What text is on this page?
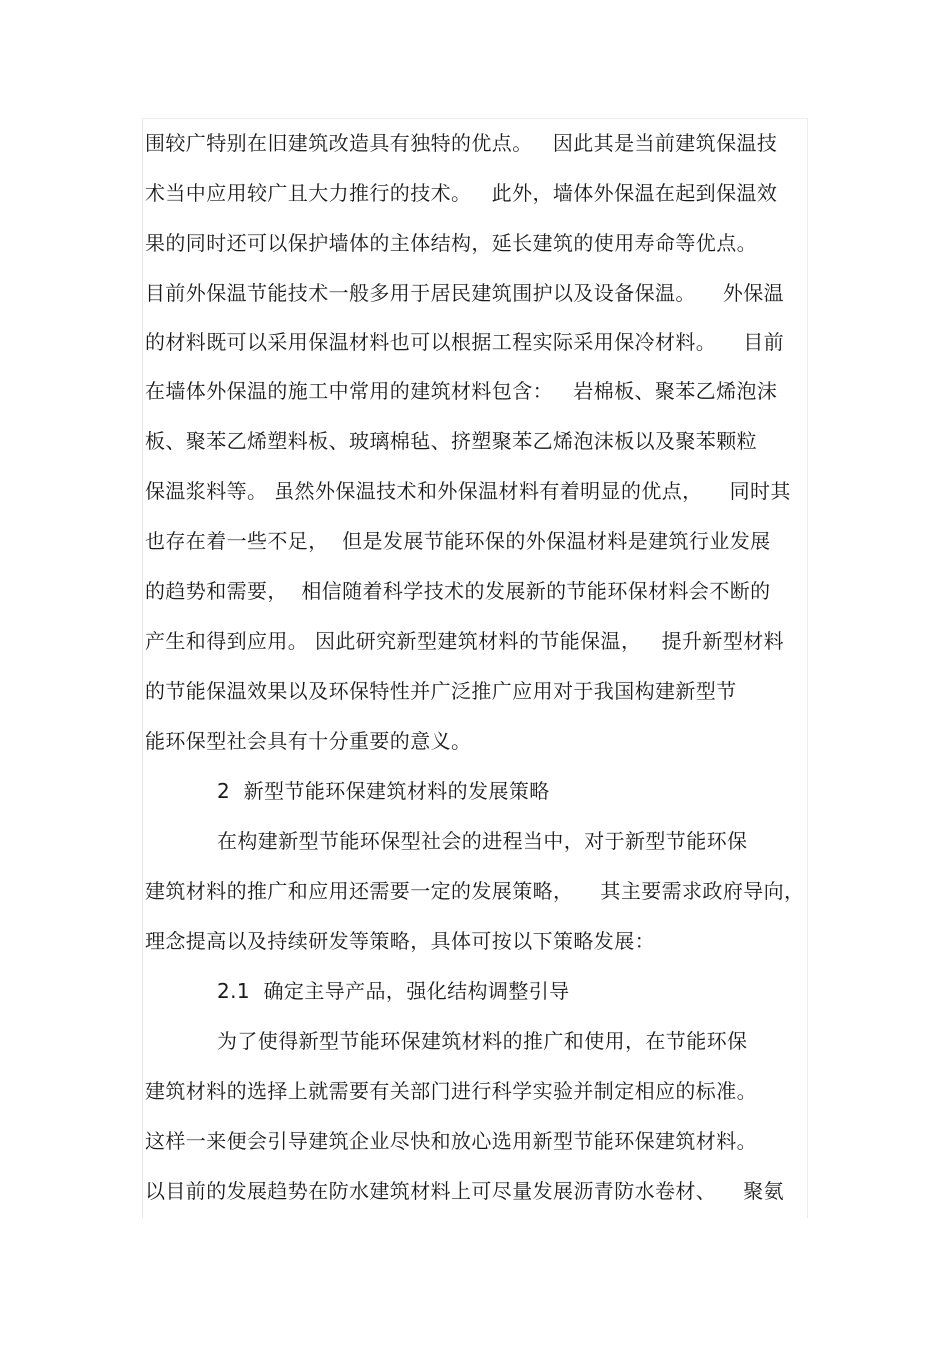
围较广特别在旧建筑改造具有独特的优点。   因此其是当前建筑保温技
术当中应用较广且大力推行的技术。   此外，墙体外保温在起到保温效
果的同时还可以保护墙体的主体结构，延长建筑的使用寿命等优点。
目前外保温节能技术一般多用于居民建筑围护以及设备保温。    外保温
的材料既可以采用保温材料也可以根据工程实际采用保冷材料。    目前
在墙体外保温的施工中常用的建筑材料包含：   岩棉板、聚苯乙烯泡沫
板、聚苯乙烯塑料板、玻璃棉毡、挤塑聚苯乙烯泡沫板以及聚苯颗粒
保温浆料等。 虽然外保温技术和外保温材料有着明显的优点，    同时其
也存在着一些不足，  但是发展节能环保的外保温材料是建筑行业发展
的趋势和需要，  相信随着科学技术的发展新的节能环保材料会不断的
产生和得到应用。 因此研究新型建筑材料的节能保温，   提升新型材料
的节能保温效果以及环保特性并广泛推广应用对于我国构建新型节
能环保型社会具有十分重要的意义。
2  新型节能环保建筑材料的发展策略
在构建新型节能环保型社会的进程当中，对于新型节能环保
建筑材料的推广和应用还需要一定的发展策略，    其主要需求政府导向，
理念提高以及持续研发等策略，具体可按以下策略发展：
2.1  确定主导产品，强化结构调整引导
为了使得新型节能环保建筑材料的推广和使用，在节能环保
建筑材料的选择上就需要有关部门进行科学实验并制定相应的标准。
这样一来便会引导建筑企业尽快和放心选用新型节能环保建筑材料。
以目前的发展趋势在防水建筑材料上可尽量发展沥青防水卷材、    聚氨
